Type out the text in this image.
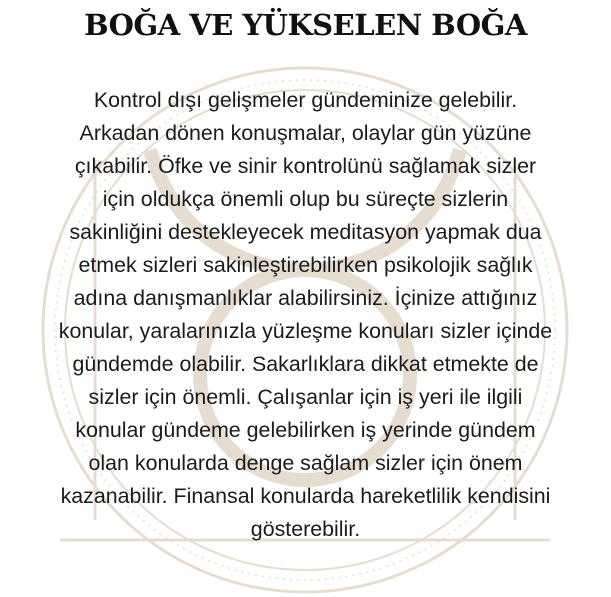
BOĞA VE YÜKSELEN BOĞA
Kontrol dışı gelişmeler gündeminize gelebilir.
Arkadan dönen konuşmalar, olaylar gün yüzüne
çıkabilir. Öfke ve sinir kontrolünü sağlamak sizler
için oldukça önemli olup bu süreçte sizlerin
sakinliğini destekleyecek meditasyon yapmak dua
etmek sizleri sakinleştirebilirken psikolojik sağlık
adına danışmanlıklar alabilirsiniz. İçinize attığınız
konular, yaralarınızla yüzleşme konuları sizler içinde
gündemde olabilir. Sakarlıklara dikkat etmekte de
sizler için önemli. Çalışanlar için iş yeri ile ilgili
konular gündeme gelebilirken iş yerinde gündem
olan konularda denge sağlam sizler için önem
kazanabilir. Finansal konularda hareketlilik kendisini
gösterebilir.
